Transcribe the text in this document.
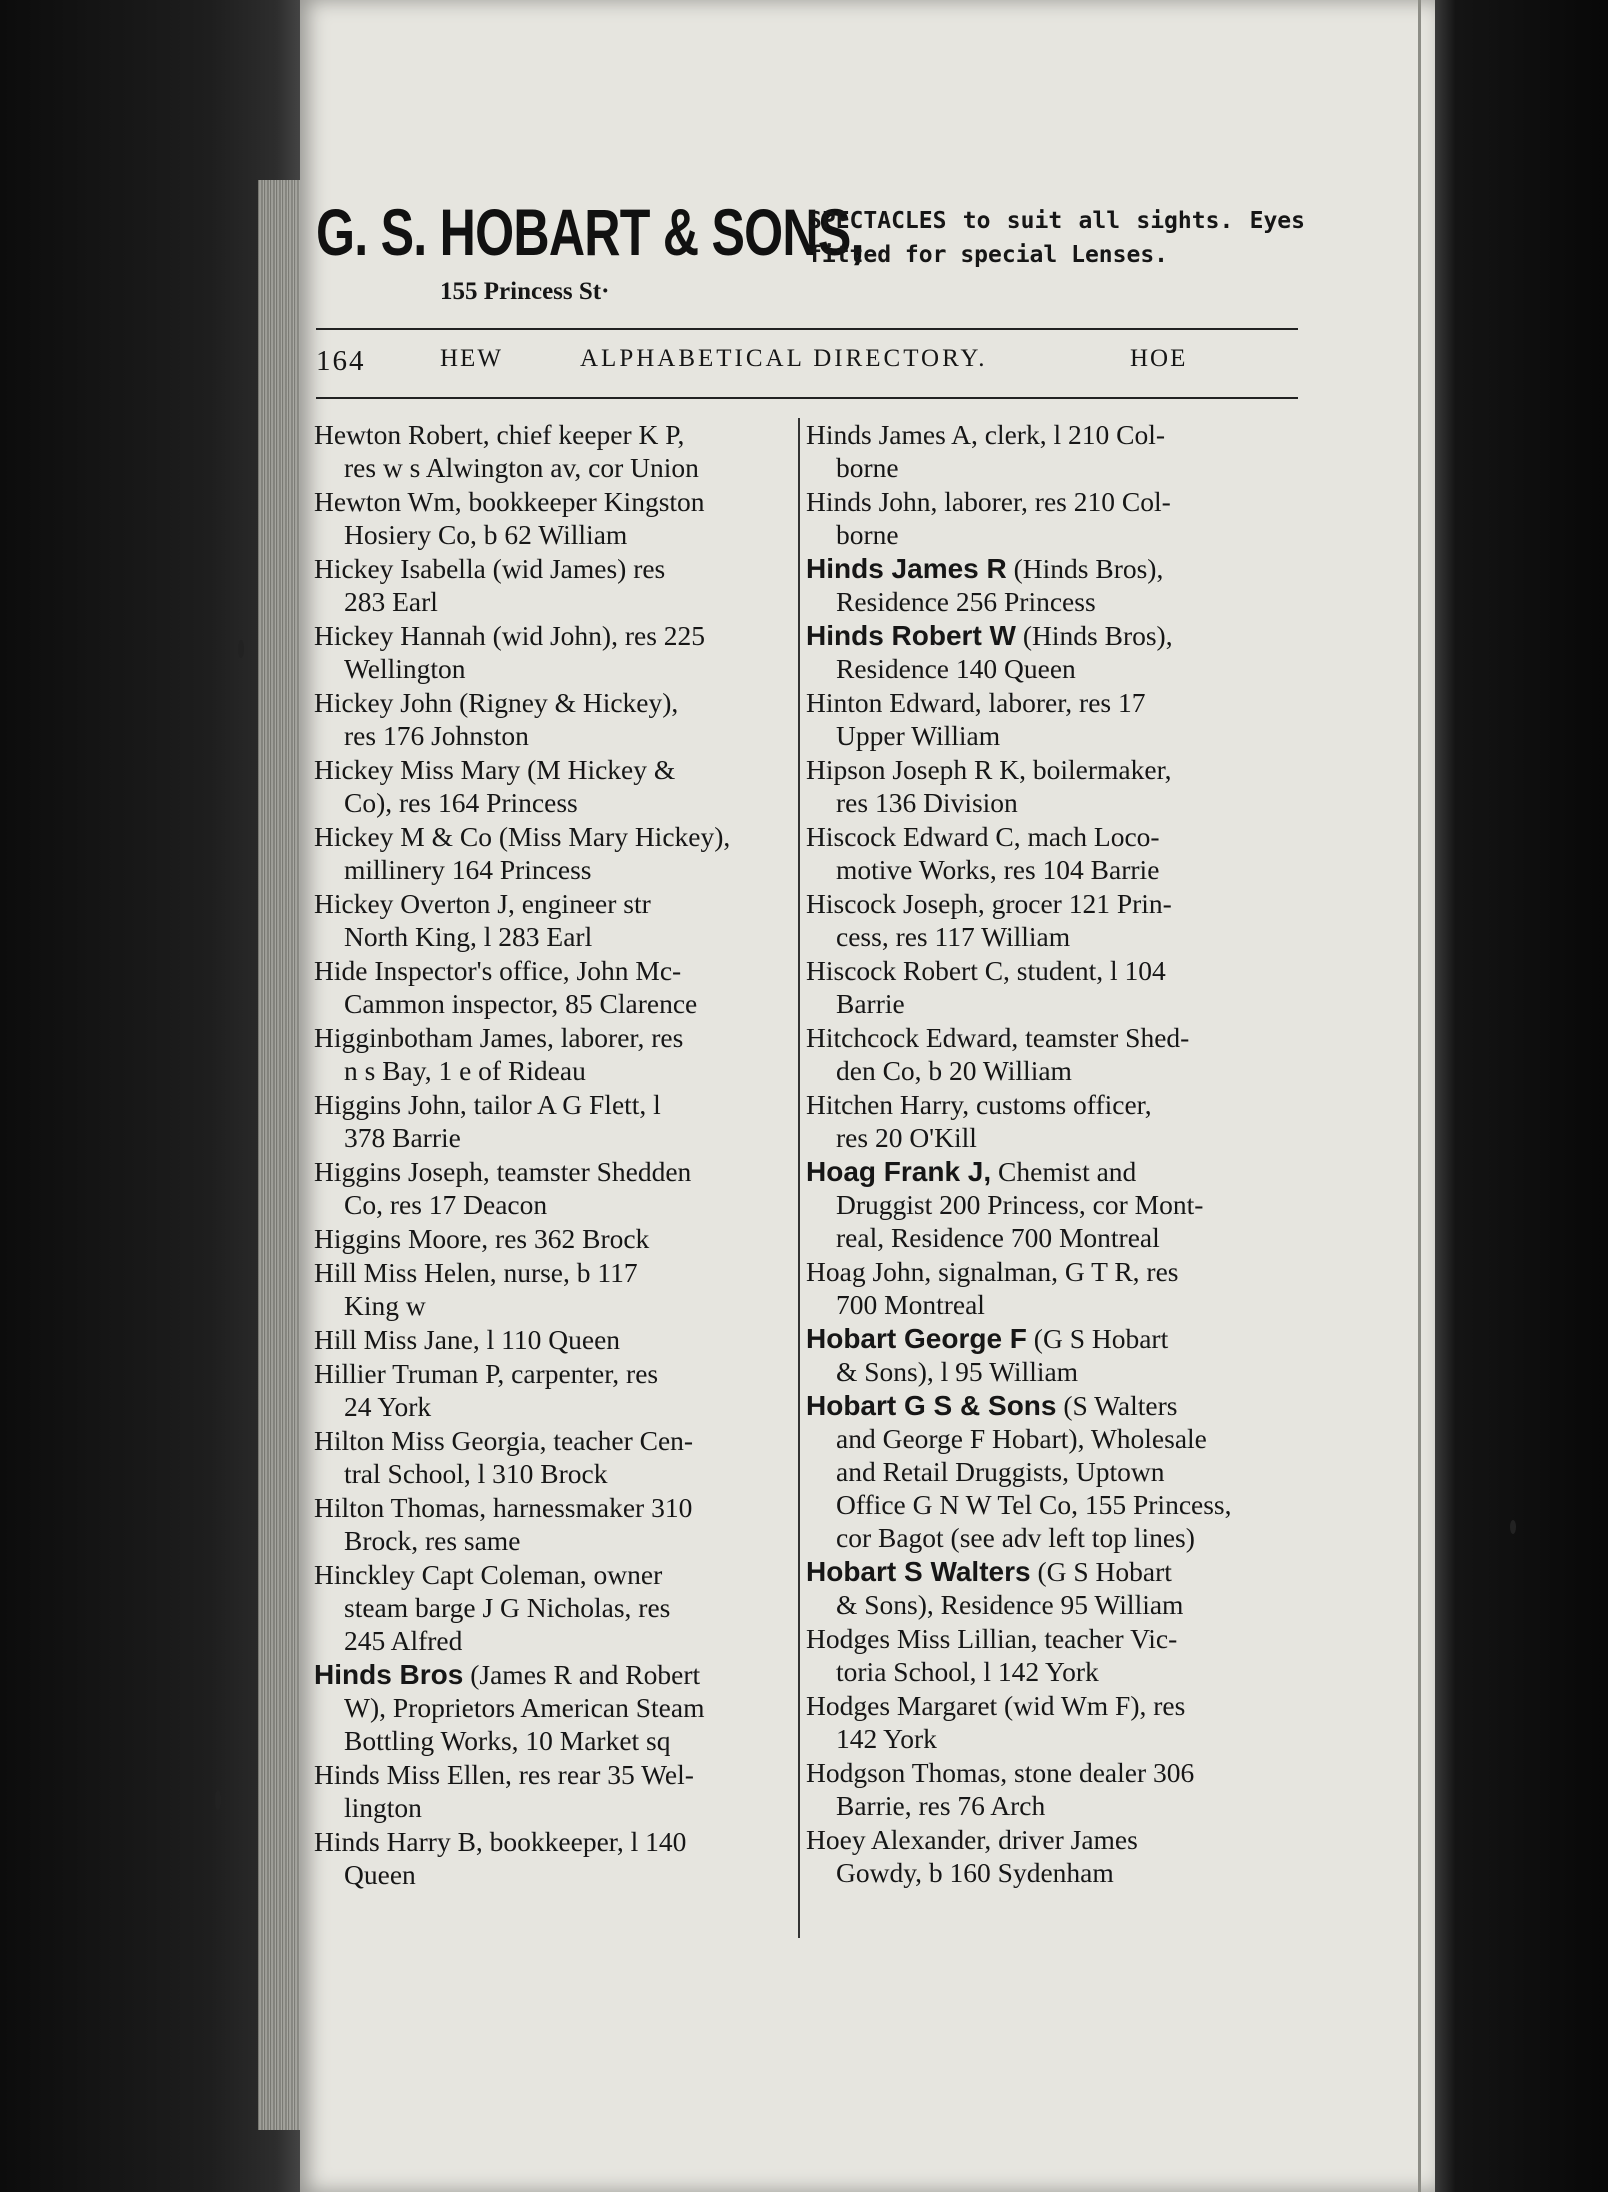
G. S. HOBART & SONS,
155 Princess St·
SPECTACLES to suit all sights. Eyes fitted for special Lenses.
164	HEW	ALPHABETICAL DIRECTORY.	HOE
Hewton Robert, chief keeper K P,
res w s Alwington av, cor Union
Hewton Wm, bookkeeper Kingston
Hosiery Co, b 62 William
Hickey Isabella (wid James) res
283 Earl
Hickey Hannah (wid John), res 225
Wellington
Hickey John (Rigney & Hickey),
res 176 Johnston
Hickey Miss Mary (M Hickey &
Co), res 164 Princess
Hickey M & Co (Miss Mary Hickey),
millinery 164 Princess
Hickey Overton J, engineer str
North King, l 283 Earl
Hide Inspector's office, John Mc-
Cammon inspector, 85 Clarence
Higginbotham James, laborer, res
n s Bay, 1 e of Rideau
Higgins John, tailor A G Flett, l
378 Barrie
Higgins Joseph, teamster Shedden
Co, res 17 Deacon
Higgins Moore, res 362 Brock
Hill Miss Helen, nurse, b 117
King w
Hill Miss Jane, l 110 Queen
Hillier Truman P, carpenter, res
24 York
Hilton Miss Georgia, teacher Cen-
tral School, l 310 Brock
Hilton Thomas, harnessmaker 310
Brock, res same
Hinckley Capt Coleman, owner
steam barge J G Nicholas, res
245 Alfred
Hinds Bros (James R and Robert
W), Proprietors American Steam
Bottling Works, 10 Market sq
Hinds Miss Ellen, res rear 35 Wel-
lington
Hinds Harry B, bookkeeper, l 140
Queen
Hinds James A, clerk, l 210 Col-
borne
Hinds John, laborer, res 210 Col-
borne
Hinds James R (Hinds Bros),
Residence 256 Princess
Hinds Robert W (Hinds Bros),
Residence 140 Queen
Hinton Edward, laborer, res 17
Upper William
Hipson Joseph R K, boilermaker,
res 136 Division
Hiscock Edward C, mach Loco-
motive Works, res 104 Barrie
Hiscock Joseph, grocer 121 Prin-
cess, res 117 William
Hiscock Robert C, student, l 104
Barrie
Hitchcock Edward, teamster Shed-
den Co, b 20 William
Hitchen Harry, customs officer,
res 20 O'Kill
Hoag Frank J, Chemist and
Druggist 200 Princess, cor Mont-
real, Residence 700 Montreal
Hoag John, signalman, G T R, res
700 Montreal
Hobart George F (G S Hobart
& Sons), l 95 William
Hobart G S & Sons (S Walters
and George F Hobart), Wholesale
and Retail Druggists, Uptown
Office G N W Tel Co, 155 Princess,
cor Bagot (see adv left top lines)
Hobart S Walters (G S Hobart
& Sons), Residence 95 William
Hodges Miss Lillian, teacher Vic-
toria School, l 142 York
Hodges Margaret (wid Wm F), res
142 York
Hodgson Thomas, stone dealer 306
Barrie, res 76 Arch
Hoey Alexander, driver James
Gowdy, b 160 Sydenham
